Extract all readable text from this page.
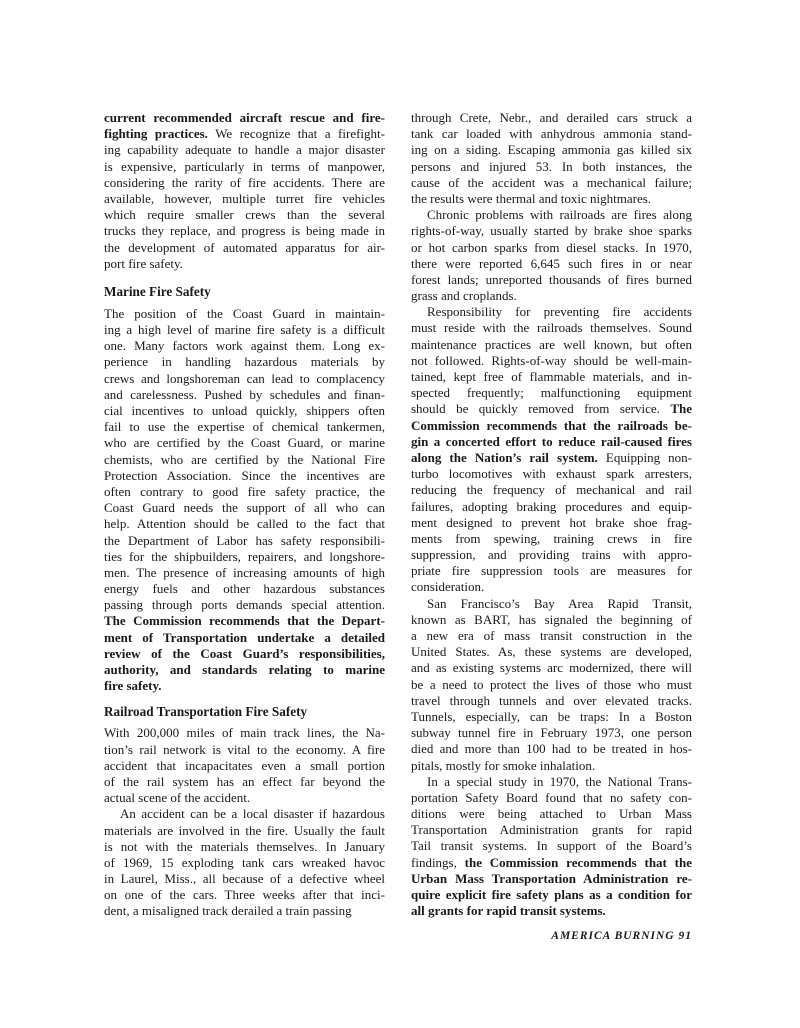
current recommended aircraft rescue and fire-
fighting practices. We recognize that a firefight-
ing capability adequate to handle a major disaster
is expensive, particularly in terms of manpower,
considering the rarity of fire accidents. There are
available, however, multiple turret fire vehicles
which require smaller crews than the several
trucks they replace, and progress is being made in
the development of automated apparatus for air-
port fire safety.
Marine Fire Safety
The position of the Coast Guard in maintain-
ing a high level of marine fire safety is a difficult
one. Many factors work against them. Long ex-
perience in handling hazardous materials by
crews and longshoreman can lead to complacency
and carelessness. Pushed by schedules and finan-
cial incentives to unload quickly, shippers often
fail to use the expertise of chemical tankermen,
who are certified by the Coast Guard, or marine
chemists, who are certified by the National Fire
Protection Association. Since the incentives are
often contrary to good fire safety practice, the
Coast Guard needs the support of all who can
help. Attention should be called to the fact that
the Department of Labor has safety responsibili-
ties for the shipbuilders, repairers, and longshore-
men. The presence of increasing amounts of high
energy fuels and other hazardous substances
passing through ports demands special attention.
The Commission recommends that the Depart-
ment of Transportation undertake a detailed
review of the Coast Guard’s responsibilities,
authority, and standards relating to marine
fire safety.
Railroad Transportation Fire Safety
With 200,000 miles of main track lines, the Na-
tion’s rail network is vital to the economy. A fire
accident that incapacitates even a small portion
of the rail system has an effect far beyond the
actual scene of the accident.
An accident can be a local disaster if hazardous
materials are involved in the fire. Usually the fault
is not with the materials themselves. In January
of 1969, 15 exploding tank cars wreaked havoc
in Laurel, Miss., all because of a defective wheel
on one of the cars. Three weeks after that inci-
dent, a misaligned track derailed a train passing
through Crete, Nebr., and derailed cars struck a
tank car loaded with anhydrous ammonia stand-
ing on a siding. Escaping ammonia gas killed six
persons and injured 53. In both instances, the
cause of the accident was a mechanical failure;
the results were thermal and toxic nightmares.
Chronic problems with railroads are fires along
rights-of-way, usually started by brake shoe sparks
or hot carbon sparks from diesel stacks. In 1970,
there were reported 6,645 such fires in or near
forest lands; unreported thousands of fires burned
grass and croplands.
Responsibility for preventing fire accidents
must reside with the railroads themselves. Sound
maintenance practices are well known, but often
not followed. Rights-of-way should be well-main-
tained, kept free of flammable materials, and in-
spected frequently; malfunctioning equipment
should be quickly removed from service. The
Commission recommends that the railroads be-
gin a concerted effort to reduce rail-caused fires
along the Nation’s rail system. Equipping non-
turbo locomotives with exhaust spark arresters,
reducing the frequency of mechanical and rail
failures, adopting braking procedures and equip-
ment designed to prevent hot brake shoe frag-
ments from spewing, training crews in fire
suppression, and providing trains with appro-
priate fire suppression tools are measures for
consideration.
San Francisco’s Bay Area Rapid Transit,
known as BART, has signaled the beginning of
a new era of mass transit construction in the
United States. As, these systems are developed,
and as existing systems arc modernized, there will
be a need to protect the lives of those who must
travel through tunnels and over elevated tracks.
Tunnels, especially, can be traps: In a Boston
subway tunnel fire in February 1973, one person
died and more than 100 had to be treated in hos-
pitals, mostly for smoke inhalation.
In a special study in 1970, the National Trans-
portation Safety Board found that no safety con-
ditions were being attached to Urban Mass
Transportation Administration grants for rapid
Tail transit systems. In support of the Board’s
findings, the Commission recommends that the
Urban Mass Transportation Administration re-
quire explicit fire safety plans as a condition for
all grants for rapid transit systems.
AMERICA BURNING 91
